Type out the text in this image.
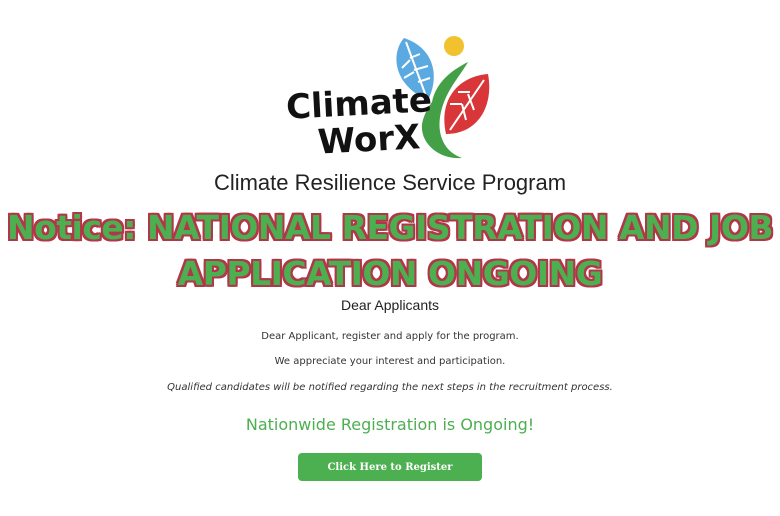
Climate
WorX
Climate Resilience Service Program
Notice: NATIONAL REGISTRATION AND JOB
APPLICATION ONGOING
Dear Applicants
Dear Applicant, register and apply for the program.
We appreciate your interest and participation.
Qualified candidates will be notified regarding the next steps in the recruitment process.
Nationwide Registration is Ongoing!
Click Here to Register Nationwide
